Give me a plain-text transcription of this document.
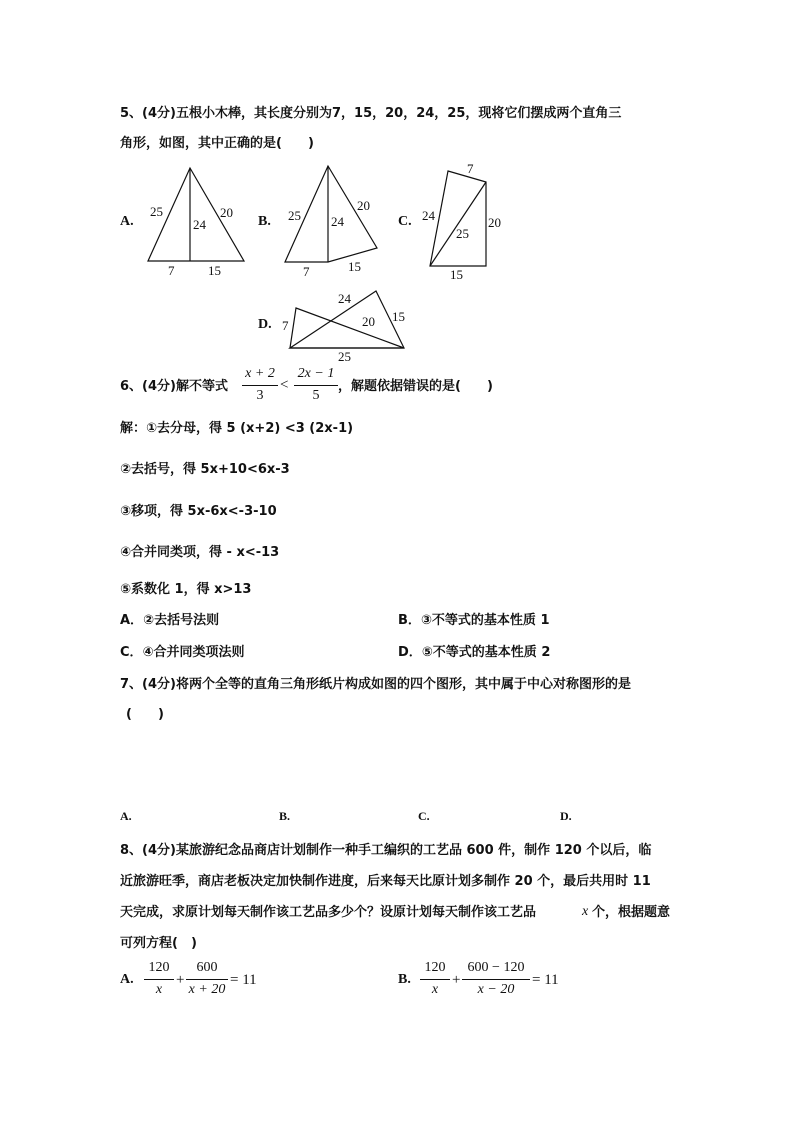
5、(4分)五根小木棒，其长度分别为7，15，20，24，25，现将它们摆成两个直角三
角形，如图，其中正确的是(　　)
A.
25
24
20
7	15
B. 25 24
20
7	15
C.
7
24
25
20
15
D.
24
7	20 15
25
6、(4分)解不等式
x + 2
3
<
2x − 1
5
，解题依据错误的是(　　)
解：①去分母，得 5 (x+2) <3 (2x-1)
②去括号，得 5x+10<6x-3
③移项，得 5x-6x<-3-10
④合并同类项，得 - x<-13
⑤系数化 1，得 x>13
A．②去括号法则	B．③不等式的基本性质 1
C．④合并同类项法则	D．⑤不等式的基本性质 2
7、(4分)将两个全等的直角三角形纸片构成如图的四个图形，其中属于中心对称图形的是
(　　)
A.	B.	C.	D.
8、(4分)某旅游纪念品商店计划制作一种手工编织的工艺品 600 件，制作 120 个以后，临
近旅游旺季，商店老板决定加快制作进度，后来每天比原计划多制作 20 个，最后共用时 11
天完成，求原计划每天制作该工艺品多少个？设原计划每天制作该工艺品	x 个，根据题意
可列方程(　)
A.
120
x
+
600
x + 20
= 11	B.
120
x
+
600 − 120
x − 20
= 11
